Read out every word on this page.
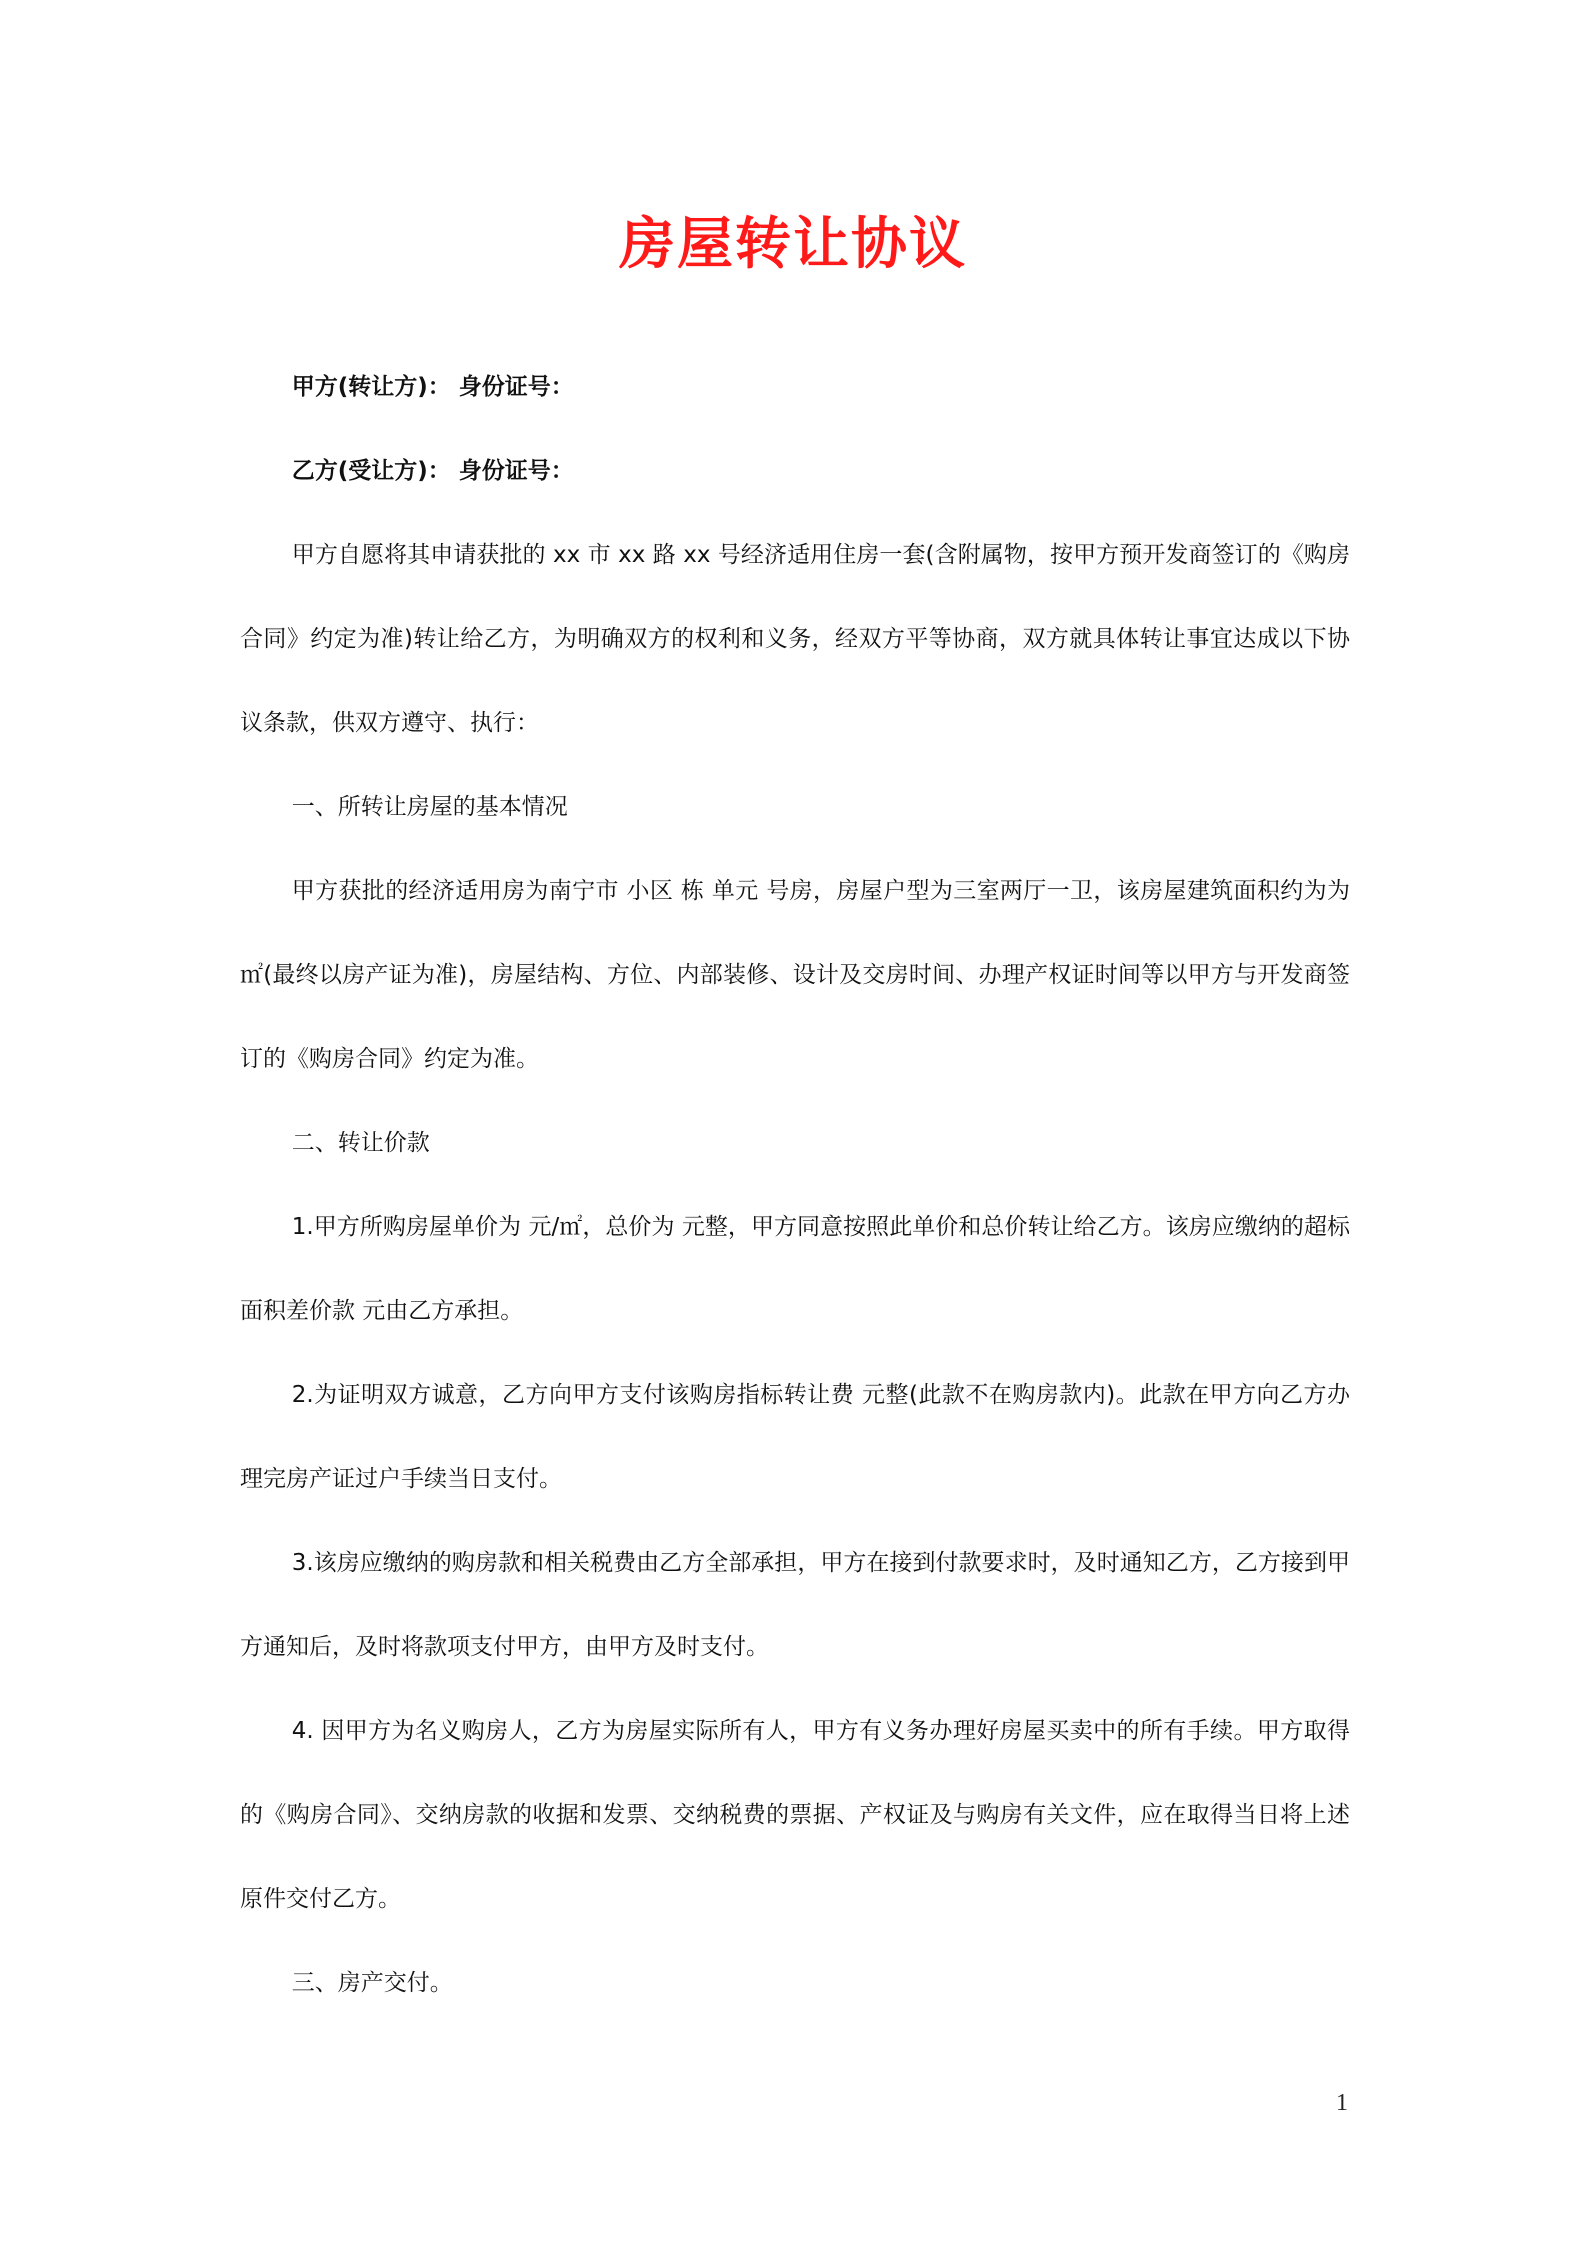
房屋转让协议

甲方(转让方)： 身份证号：

乙方(受让方)： 身份证号：

甲方自愿将其申请获批的 xx 市 xx 路 xx 号经济适用住房一套(含附属物，按甲方预开发商签订的《购房合同》约定为准)转让给乙方，为明确双方的权利和义务，经双方平等协商，双方就具体转让事宜达成以下协议条款，供双方遵守、执行：

一、所转让房屋的基本情况

甲方获批的经济适用房为南宁市 小区 栋 单元 号房，房屋户型为三室两厅一卫，该房屋建筑面积约为为 ㎡(最终以房产证为准)，房屋结构、方位、内部装修、设计及交房时间、办理产权证时间等以甲方与开发商签订的《购房合同》约定为准。

二、转让价款

1.甲方所购房屋单价为 元/㎡，总价为 元整，甲方同意按照此单价和总价转让给乙方。该房应缴纳的超标面积差价款 元由乙方承担。

2.为证明双方诚意，乙方向甲方支付该购房指标转让费 元整(此款不在购房款内)。此款在甲方向乙方办理完房产证过户手续当日支付。

3.该房应缴纳的购房款和相关税费由乙方全部承担，甲方在接到付款要求时，及时通知乙方，乙方接到甲方通知后，及时将款项支付甲方，由甲方及时支付。

4. 因甲方为名义购房人，乙方为房屋实际所有人，甲方有义务办理好房屋买卖中的所有手续。甲方取得的《购房合同》、交纳房款的收据和发票、交纳税费的票据、产权证及与购房有关文件，应在取得当日将上述原件交付乙方。

三、房产交付。

1
